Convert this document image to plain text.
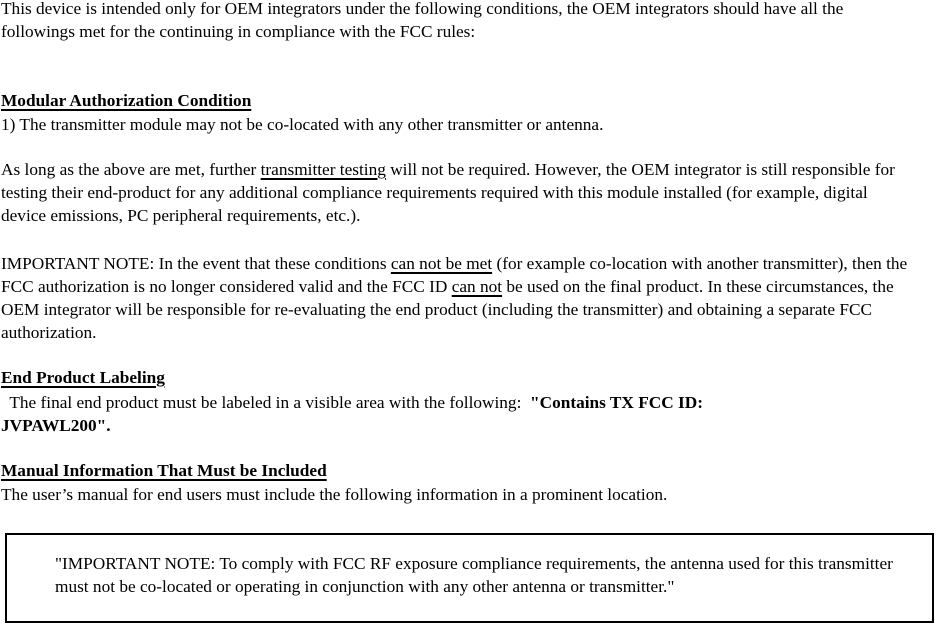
This device is intended only for OEM integrators under the following conditions, the OEM integrators should have all the followings met for the continuing in compliance with the FCC rules:

Modular Authorization Condition

1) The transmitter module may not be co-located with any other transmitter or antenna.

As long as the above are met, further transmitter testing will not be required. However, the OEM integrator is still responsible for testing their end-product for any additional compliance requirements required with this module installed (for example, digital device emissions, PC peripheral requirements, etc.).

IMPORTANT NOTE: In the event that these conditions can not be met (for example co-location with another transmitter), then the FCC authorization is no longer considered valid and the FCC ID can not be used on the final product. In these circumstances, the OEM integrator will be responsible for re-evaluating the end product (including the transmitter) and obtaining a separate FCC authorization.

End Product Labeling

The final end product must be labeled in a visible area with the following:  "Contains TX FCC ID:

JVPAWL200".

Manual Information That Must be Included

The user’s manual for end users must include the following information in a prominent location.

"IMPORTANT NOTE: To comply with FCC RF exposure compliance requirements, the antenna used for this transmitter must not be co-located or operating in conjunction with any other antenna or transmitter."
